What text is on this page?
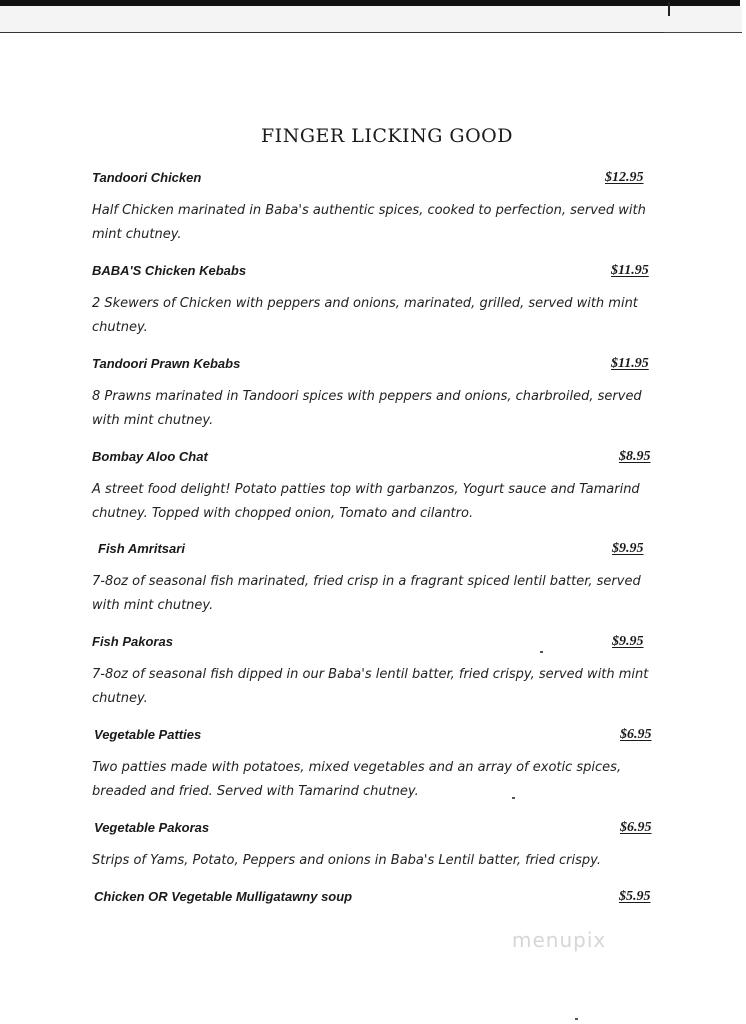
FINGER LICKING GOOD
Tandoori Chicken	$12.95
Half Chicken marinated in Baba's authentic spices, cooked to perfection, served with mint chutney.
BABA'S Chicken Kebabs	$11.95
2 Skewers of Chicken with peppers and onions, marinated, grilled, served with mint chutney.
Tandoori Prawn Kebabs	$11.95
8 Prawns marinated in Tandoori spices with peppers and onions, charbroiled, served with mint chutney.
Bombay Aloo Chat	$8.95
A street food delight! Potato patties top with garbanzos, Yogurt sauce and Tamarind chutney. Topped with chopped onion, Tomato and cilantro.
Fish Amritsari	$9.95
7-8oz of seasonal fish marinated, fried crisp in a fragrant spiced lentil batter, served with mint chutney.
Fish Pakoras	$9.95
7-8oz of seasonal fish dipped in our Baba's lentil batter, fried crispy, served with mint chutney.
Vegetable Patties	$6.95
Two patties made with potatoes, mixed vegetables and an array of exotic spices, breaded and fried. Served with Tamarind chutney.
Vegetable Pakoras	$6.95
Strips of Yams, Potato, Peppers and onions in Baba's Lentil batter, fried crispy.
Chicken OR Vegetable Mulligatawny soup	$5.95
menupix
